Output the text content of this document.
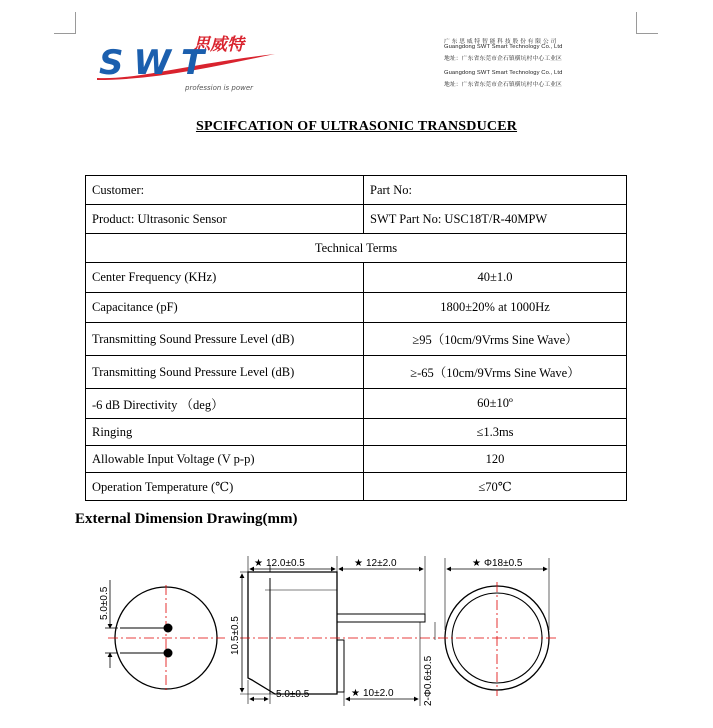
思威特
SWT
profession is power
广 东 思 威 特 智 能 科 技 股 份 有 限 公 司
Guangdong SWT Smart Technology Co., Ltd
地址：广东省东莞市企石镇横坑村中心工业区
Guangdong SWT Smart Technology Co., Ltd
地址：广东省东莞市企石镇横坑村中心工业区
SPCIFCATION OF ULTRASONIC TRANSDUCER
Customer:	Part No:
Product: Ultrasonic Sensor	SWT Part No: USC18T/R-40MPW
Technical Terms	
Center Frequency (KHz)	40±1.0
Capacitance (pF)	1800±20% at 1000Hz
Transmitting Sound Pressure Level (dB)	≥95（10cm/9Vrms Sine Wave）
Transmitting Sound Pressure Level (dB)	≥-65（10cm/9Vrms Sine Wave）
-6 dB Directivity （deg）	60±10º
Ringing	≤1.3ms
Allowable Input Voltage (V p-p)	120
Operation Temperature (℃)	≤70℃
External Dimension Drawing(mm)
5.0±0.5
★ 12.0±0.5	★ 12±2.0
10.5±0.5
5.0±0.5	★ 10±2.0	2-Φ0.6±0.5
★ Φ18±0.5
